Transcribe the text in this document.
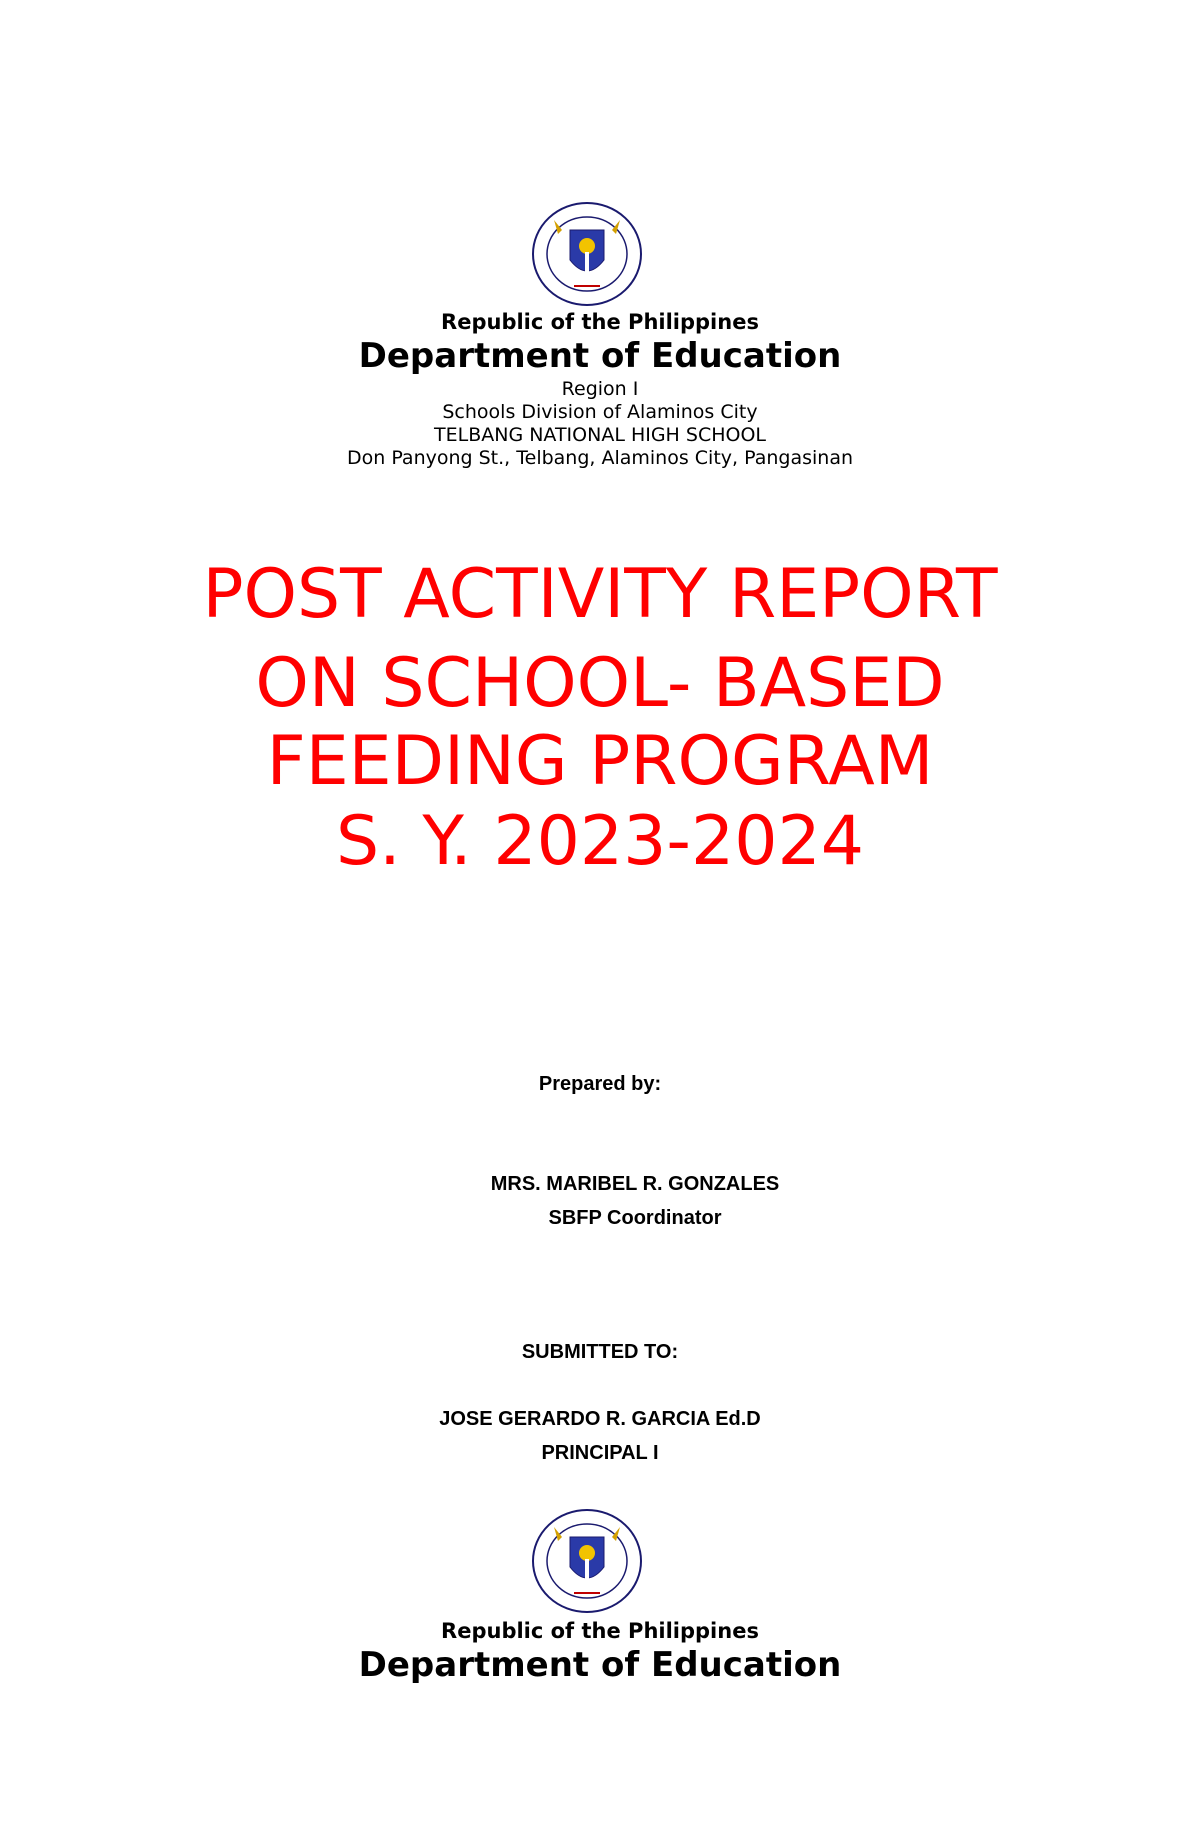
Republic of the Philippines
Department of Education
Region I
Schools Division of Alaminos City
TELBANG NATIONAL HIGH SCHOOL
Don Panyong St., Telbang, Alaminos City, Pangasinan
POST ACTIVITY REPORT
ON SCHOOL- BASED
FEEDING PROGRAM
S. Y. 2023-2024
Prepared by:
MRS. MARIBEL R. GONZALES
SBFP Coordinator
SUBMITTED TO:
JOSE GERARDO R. GARCIA Ed.D
PRINCIPAL I
Republic of the Philippines
Department of Education
